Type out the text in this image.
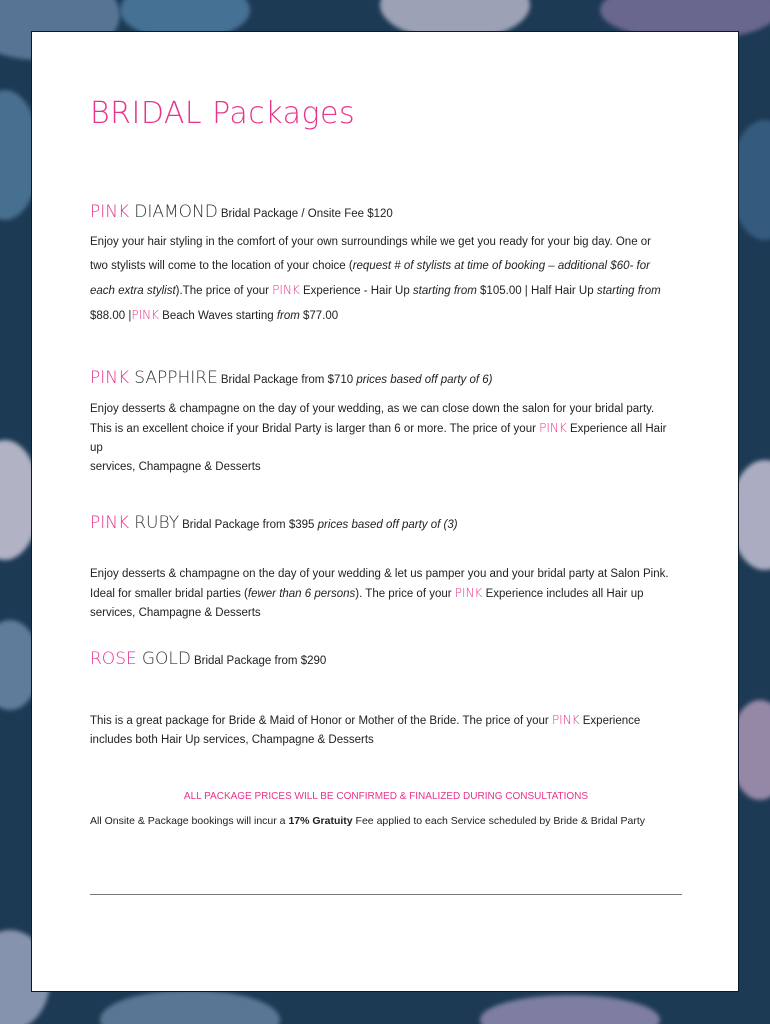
BRIDAL Packages
PINK DIAMOND Bridal Package / Onsite Fee $120

Enjoy your hair styling in the comfort of your own surroundings while we get you ready for your big day. One or

two stylists will come to the location of your choice (request # of stylists at time of booking – additional $60- for

each extra stylist).The price of your PINK Experience - Hair Up starting from $105.00 | Half Hair Up starting from

$88.00 |PINK Beach Waves starting from $77.00

PINK SAPPHIRE Bridal Package from $710 prices based off party of 6)

Enjoy desserts & champagne on the day of your wedding, as we can close down the salon for your bridal party.

This is an excellent choice if your Bridal Party is larger than 6 or more. The price of your PINK Experience all Hair up

services, Champagne & Desserts

PINK RUBY Bridal Package from $395 prices based off party of (3)

Enjoy desserts & champagne on the day of your wedding & let us pamper you and your bridal party at Salon Pink.

Ideal for smaller bridal parties (fewer than 6 persons). The price of your PINK Experience includes all Hair up

services, Champagne & Desserts

ROSE GOLD Bridal Package from $290

This is a great package for Bride & Maid of Honor or Mother of the Bride. The price of your PINK Experience

includes both Hair Up services, Champagne & Desserts

ALL PACKAGE PRICES WILL BE CONFIRMED & FINALIZED DURING CONSULTATIONS
All Onsite & Package bookings will incur a 17% Gratuity Fee applied to each Service scheduled by Bride & Bridal Party
